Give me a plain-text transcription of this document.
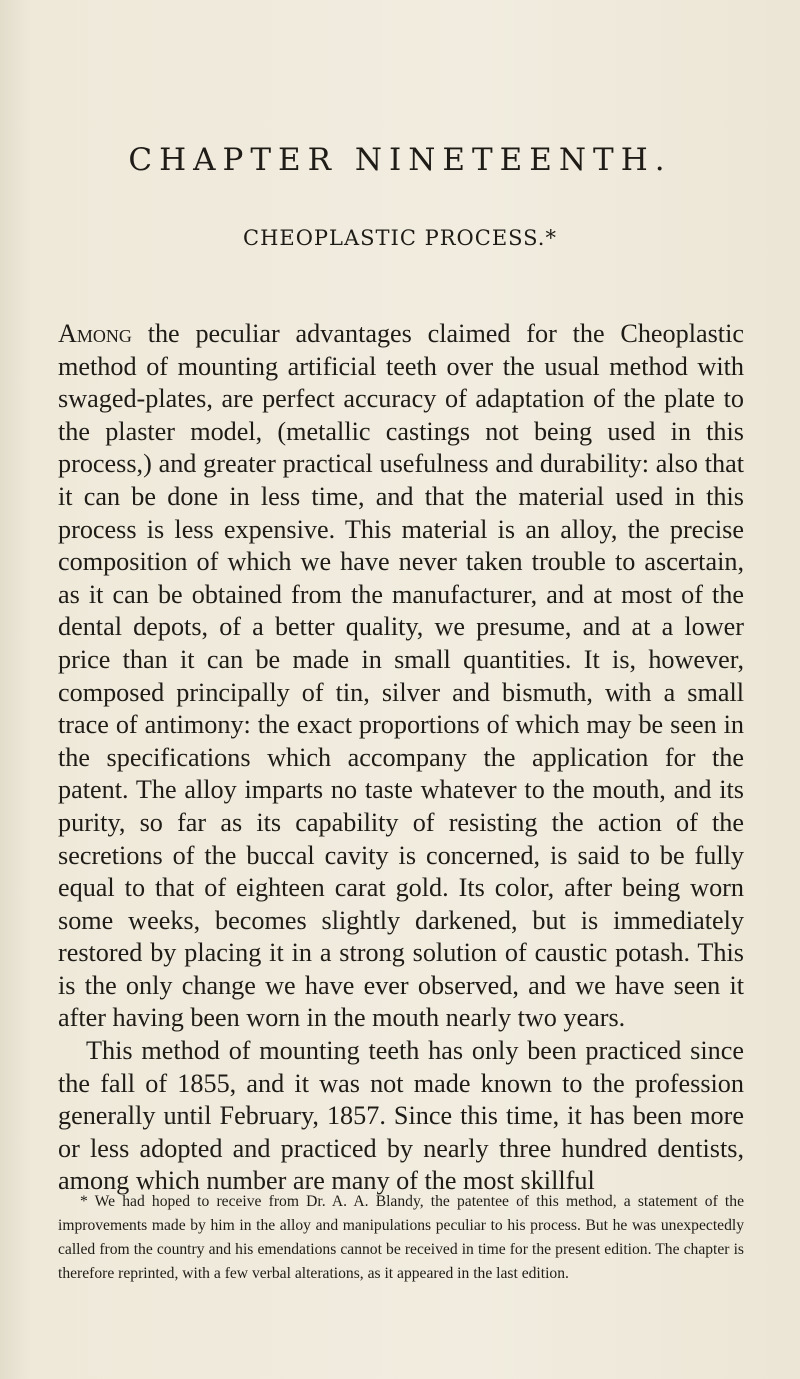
CHAPTER NINETEENTH.
CHEOPLASTIC PROCESS.*

Among the peculiar advantages claimed for the Cheoplastic method of mounting artificial teeth over the usual method with swaged-plates, are perfect accuracy of adaptation of the plate to the plaster model, (metallic castings not being used in this process,) and greater practical usefulness and durability: also that it can be done in less time, and that the material used in this process is less expensive. This material is an alloy, the precise composition of which we have never taken trouble to ascertain, as it can be obtained from the manufacturer, and at most of the dental depots, of a better quality, we presume, and at a lower price than it can be made in small quantities. It is, however, composed principally of tin, silver and bismuth, with a small trace of antimony: the exact proportions of which may be seen in the specifications which accompany the application for the patent. The alloy imparts no taste whatever to the mouth, and its purity, so far as its capability of resisting the action of the secretions of the buccal cavity is concerned, is said to be fully equal to that of eighteen carat gold. Its color, after being worn some weeks, becomes slightly darkened, but is immediately restored by placing it in a strong solution of caustic potash. This is the only change we have ever observed, and we have seen it after having been worn in the mouth nearly two years.

This method of mounting teeth has only been practiced since the fall of 1855, and it was not made known to the profession generally until February, 1857. Since this time, it has been more or less adopted and practiced by nearly three hundred dentists, among which number are many of the most skillful

* We had hoped to receive from Dr. A. A. Blandy, the patentee of this method, a statement of the improvements made by him in the alloy and manipulations peculiar to his process. But he was unexpectedly called from the country and his emendations cannot be received in time for the present edition. The chapter is therefore reprinted, with a few verbal alterations, as it appeared in the last edition.
